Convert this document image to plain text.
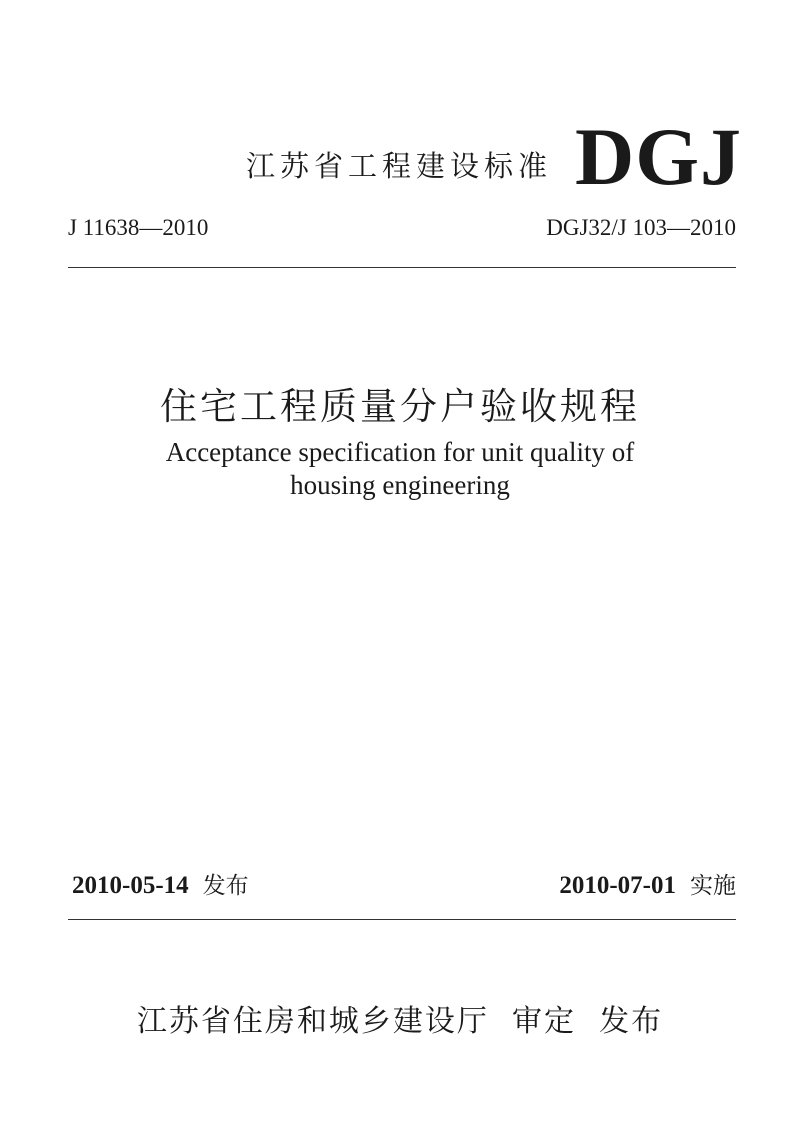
江苏省工程建设标准 DGJ
J 11638—2010	DGJ32/J 103—2010
住宅工程质量分户验收规程
Acceptance specification for unit quality of
housing engineering
2010-05-14 发布	2010-07-01 实施
江苏省住房和城乡建设厅  审定  发布
